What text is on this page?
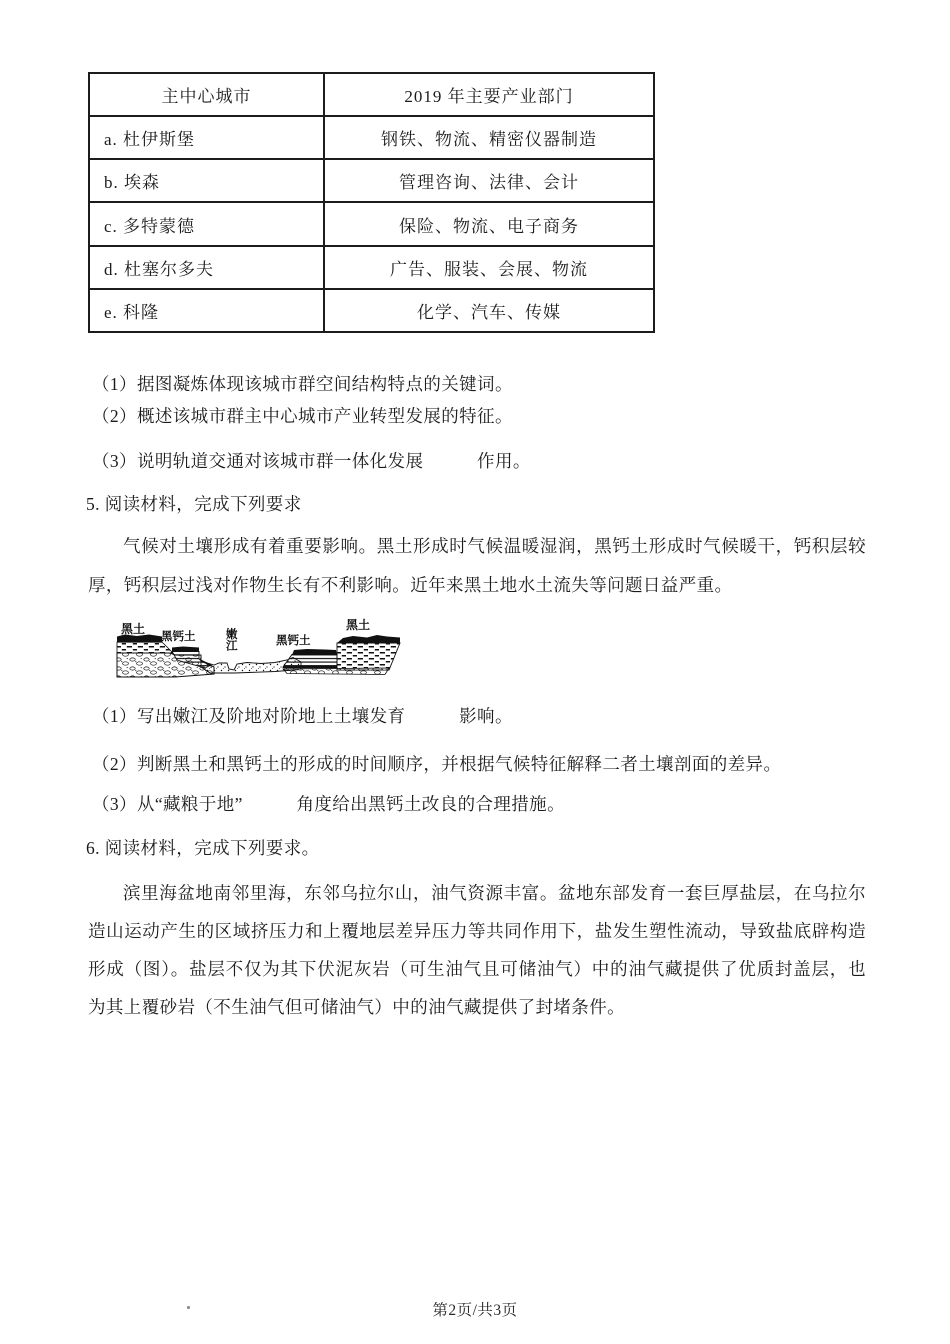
主中心城市	2019 年主要产业部门
a. 杜伊斯堡	钢铁、物流、精密仪器制造
b. 埃森	管理咨询、法律、会计
c. 多特蒙德	保险、物流、电子商务
d. 杜塞尔多夫	广告、服装、会展、物流
e. 科隆	化学、汽车、传媒
（1）据图凝炼体现该城市群空间结构特点的关键词。
（2）概述该城市群主中心城市产业转型发展的特征。
（3）说明轨道交通对该城市群一体化发展　　　作用。
5. 阅读材料，完成下列要求
气候对土壤形成有着重要影响。黑土形成时气候温暖湿润，黑钙土形成时气候暖干，钙积层较厚，钙积层过浅对作物生长有不利影响。近年来黑土地水土流失等问题日益严重。
黑土 黑钙土	嫩
江	黑钙土
黑土
（1）写出嫩江及阶地对阶地上土壤发育　　　影响。
（2）判断黑土和黑钙土的形成的时间顺序，并根据气候特征解释二者土壤剖面的差异。
（3）从“藏粮于地”　　　角度给出黑钙土改良的合理措施。
6. 阅读材料，完成下列要求。
滨里海盆地南邻里海，东邻乌拉尔山，油气资源丰富。盆地东部发育一套巨厚盐层，在乌拉尔造山运动产生的区域挤压力和上覆地层差异压力等共同作用下，盐发生塑性流动，导致盐底辟构造形成（图）。盐层不仅为其下伏泥灰岩（可生油气且可储油气）中的油气藏提供了优质封盖层，也为其上覆砂岩（不生油气但可储油气）中的油气藏提供了封堵条件。
第2页/共3页
